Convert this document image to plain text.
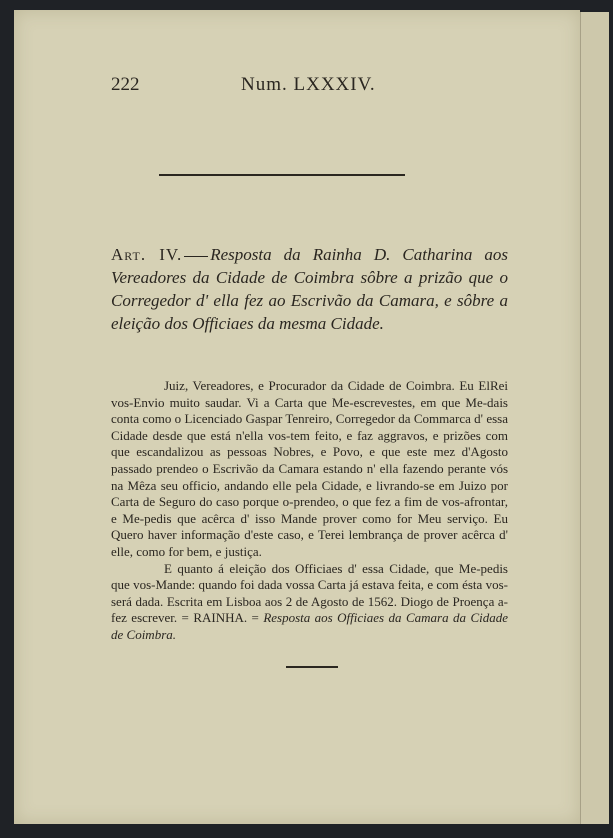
222	Num. LXXXIV.
Art. IV. Resposta da Rainha D. Catharina aos Vereadores da Cidade de Coimbra sôbre a prizão que o Corregedor d' ella fez ao Escrivão da Camara, e sôbre a eleição dos Officiaes da mesma Cidade.

Juiz, Vereadores, e Procurador da Cidade de Coimbra. Eu ElRei vos-Envio muito saudar. Vi a Carta que Me-escrevestes, em que Me-dais conta como o Licenciado Gaspar Tenreiro, Corregedor da Commarca d' essa Cidade desde que está n'ella vos-tem feito, e faz aggravos, e prizões com que escandalizou as pessoas Nobres, e Povo, e que este mez d'Agosto passado prendeo o Escrivão da Camara estando n' ella fazendo perante vós na Mêza seu officio, andando elle pela Cidade, e livrando-se em Juizo por Carta de Seguro do caso porque o-prendeo, o que fez a fim de vos-afrontar, e Me-pedis que acêrca d' isso Mande prover como for Meu serviço. Eu Quero haver informação d'este caso, e Terei lembrança de prover acêrca d' elle, como for bem, e justiça.

E quanto á eleição dos Officiaes d' essa Cidade, que Me-pedis que vos-Mande: quando foi dada vossa Carta já estava feita, e com ésta vos-será dada. Escrita em Lisboa aos 2 de Agosto de 1562. Diogo de Proença a-fez escrever. = RAINHA. = Resposta aos Officiaes da Camara da Cidade de Coimbra.
